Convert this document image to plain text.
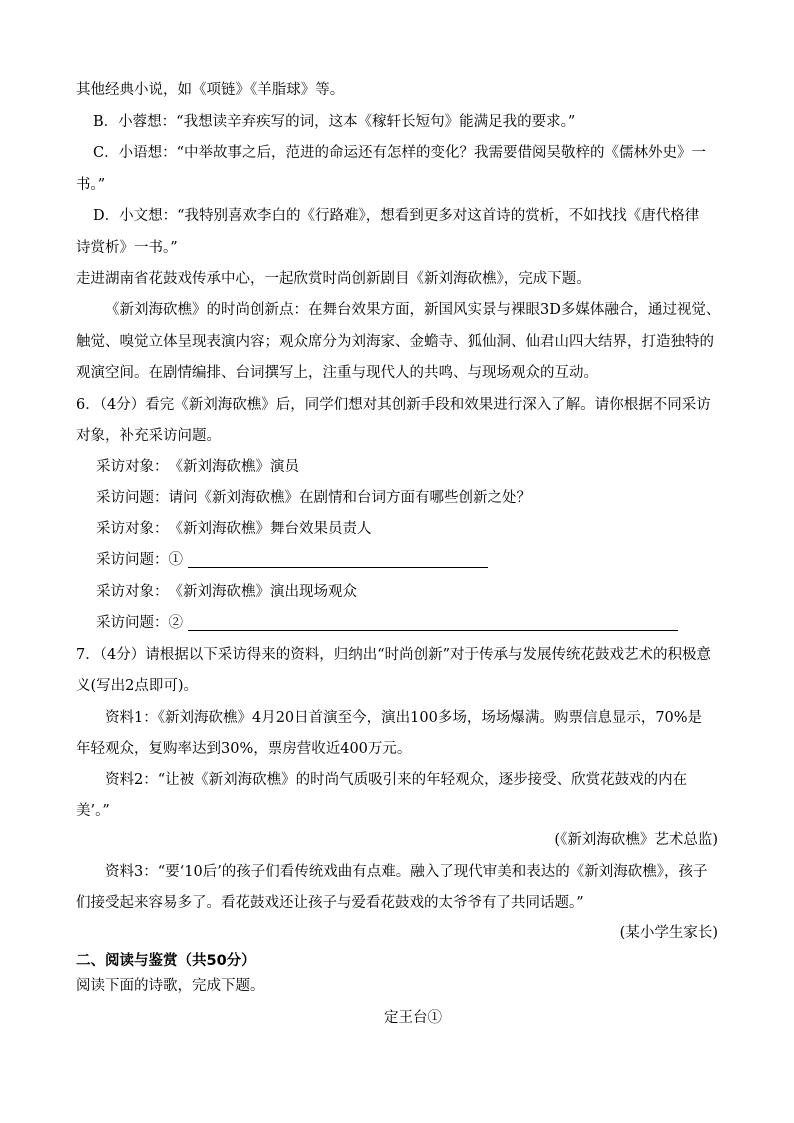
其他经典小说，如《项链》《羊脂球》等。
B．小蓉想：“我想读辛弃疾写的词，这本《稼轩长短句》能满足我的要求。”
C．小语想：“中举故事之后，范进的命运还有怎样的变化？我需要借阅吴敬梓的《儒林外史》一
书。”
D．小文想：“我特别喜欢李白的《行路难》，想看到更多对这首诗的赏析，不如找找《唐代格律
诗赏析》一书。”
走进湖南省花鼓戏传承中心，一起欣赏时尚创新剧目《新刘海砍樵》，完成下题。
《新刘海砍樵》的时尚创新点：在舞台效果方面，新国风实景与裸眼3D多媒体融合，通过视觉、
触觉、嗅觉立体呈现表演内容；观众席分为刘海家、金蟾寺、狐仙洞、仙君山四大结界，打造独特的
观演空间。在剧情编排、台词撰写上，注重与现代人的共鸣、与现场观众的互动。
6．（4分）看完《新刘海砍樵》后，同学们想对其创新手段和效果进行深入了解。请你根据不同采访
对象，补充采访问题。
采访对象：　《新刘海砍樵》演员
采访问题：请问《新刘海砍樵》在剧情和台词方面有哪些创新之处？
采访对象：　《新刘海砍樵》舞台效果员责人
采访问题：①
采访对象：　《新刘海砍樵》演出现场观众
采访问题：②
7．（4分）请根据以下采访得来的资料，归纳出“时尚创新”对于传承与发展传统花鼓戏艺术的积极意
义(写出2点即可)。
资料1：《新刘海砍樵》4月20日首演至今，演出100多场，场场爆满。购票信息显示，70%是
年轻观众，复购率达到30%，票房营收近400万元。
资料2：“让被《新刘海砍樵》的时尚气质吸引来的年轻观众，逐步接受、欣赏花鼓戏的内在
美’。”
(《新刘海砍樵》艺术总监)
资料3：“要‘10后’的孩子们看传统戏曲有点难。融入了现代审美和表达的《新刘海砍樵》，孩子
们接受起来容易多了。看花鼓戏还让孩子与爱看花鼓戏的太爷爷有了共同话题。”
(某小学生家长)
二、阅读与鉴赏（共50分）
阅读下面的诗歌，完成下题。
定王台①
